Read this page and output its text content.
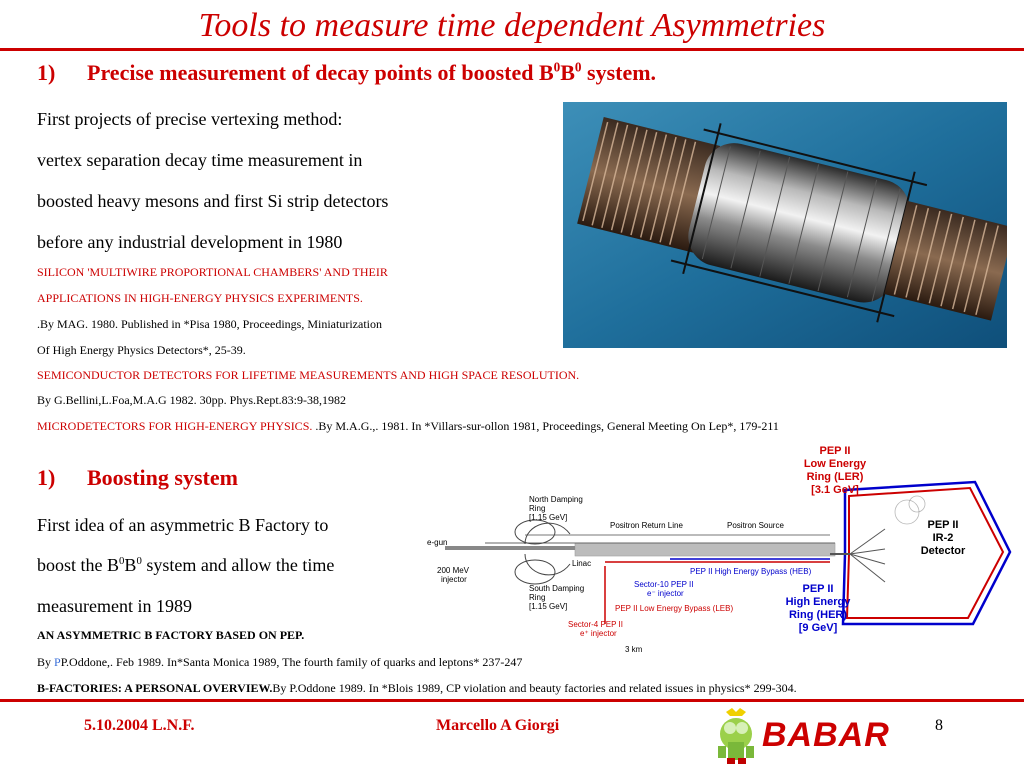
Tools to measure time dependent Asymmetries
1) Precise measurement of decay points of boosted $B^0B^0$ system.
First projects of precise vertexing method:
vertex separation decay time measurement in
boosted heavy mesons and first Si strip detectors
before any industrial development in 1980
SILICON 'MULTIWIRE PROPORTIONAL CHAMBERS' AND THEIR
APPLICATIONS IN HIGH-ENERGY PHYSICS EXPERIMENTS.
.By MAG. 1980. Published in *Pisa 1980, Proceedings, Miniaturization
Of High Energy Physics Detectors*, 25-39.
SEMICONDUCTOR DETECTORS FOR LIFETIME MEASUREMENTS AND HIGH SPACE RESOLUTION.
By G.Bellini,L.Foa,M.A.G 1982. 30pp. Phys.Rept.83:9-38,1982
MICRODETECTORS FOR HIGH-ENERGY PHYSICS. .By M.A.G.,. 1981. In *Villars-sur-ollon 1981, Proceedings, General Meeting On Lep*, 179-211
1) Boosting system
First idea of an asymmetric B Factory to
boost the $B^0B^0$ system and allow the time
measurement in 1989
AN ASYMMETRIC B FACTORY BASED ON PEP.
By PP.Oddone,. Feb 1989. In*Santa Monica 1989, The fourth family of quarks and leptons* 237-247
B-FACTORIES: A PERSONAL OVERVIEW.By P.Oddone 1989. In *Blois 1989, CP violation and beauty factories and related issues in physics* 299-304.
PEP II
Low Energy
Ring (LER)
[3.1 GeV]
PEP II
IR-2
Detector
PEP II
High Energy
Ring (HER)
[9 GeV]
North Damping
Ring
[1.15 GeV]
South Damping
Ring
[1.15 GeV]
Positron Return Line	Positron Source
e-gun
200 MeV
injector
Linac
PEP II High Energy Bypass (HEB)
Sector-10 PEP II
e⁻ injector
PEP II Low Energy Bypass (LEB)
Sector-4 PEP II
e⁺ injector
3 km
5.10.2004 L.N.F.	Marcello A Giorgi	8
BABAR
